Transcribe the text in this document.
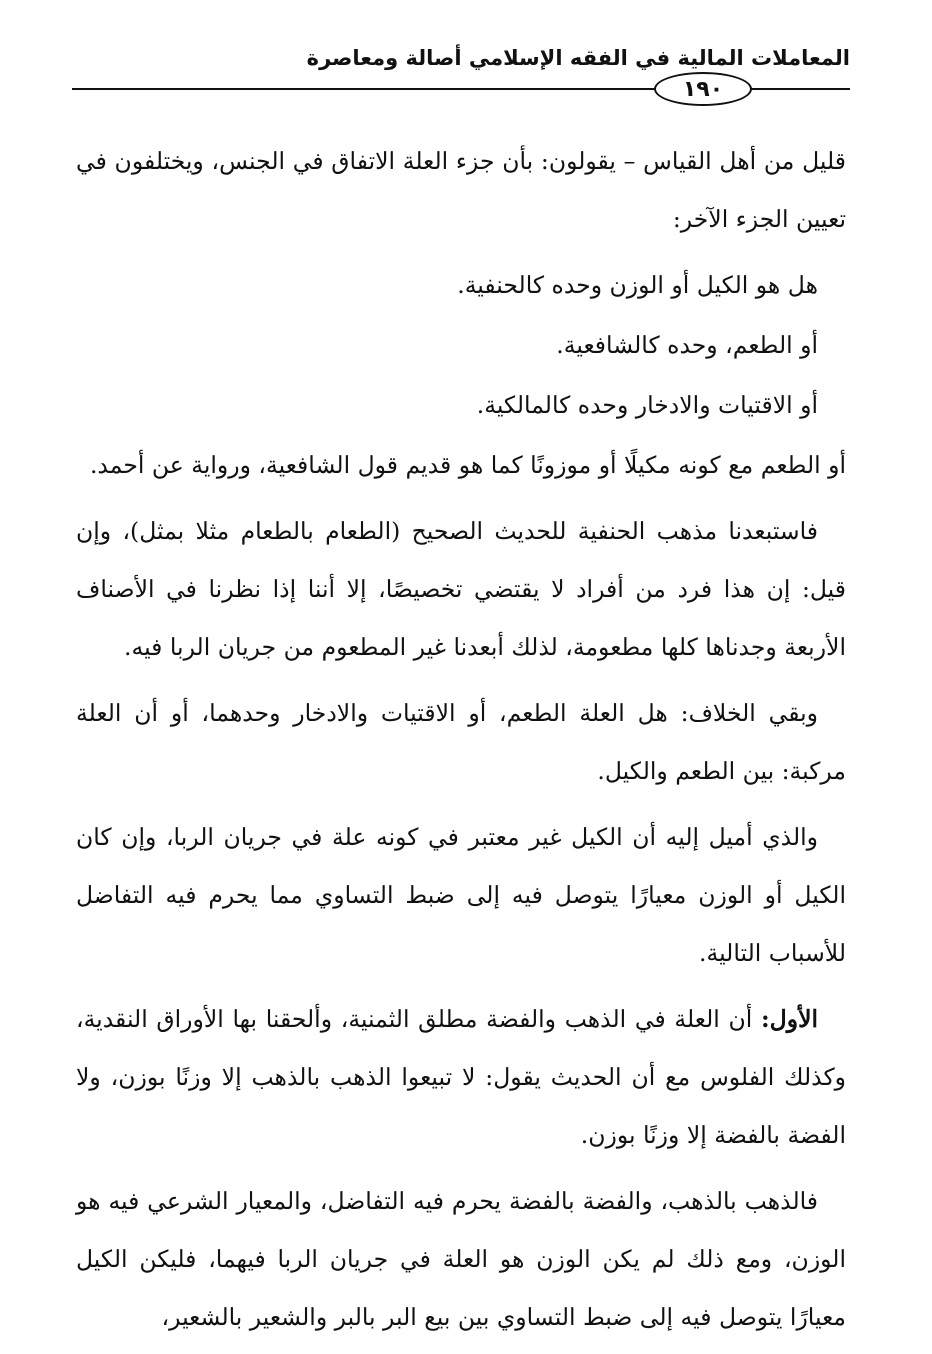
المعاملات المالية في الفقه الإسلامي أصالة ومعاصرة
١٩٠

قليل من أهل القياس – يقولون: بأن جزء العلة الاتفاق في الجنس، ويختلفون في تعيين الجزء الآخر:

هل هو الكيل أو الوزن وحده كالحنفية.

أو الطعم، وحده كالشافعية.

أو الاقتيات والادخار وحده كالمالكية.

أو الطعم مع كونه مكيلًا أو موزونًا كما هو قديم قول الشافعية، ورواية عن أحمد.

فاستبعدنا مذهب الحنفية للحديث الصحيح (الطعام بالطعام مثلا بمثل)، وإن قيل: إن هذا فرد من أفراد لا يقتضي تخصيصًا، إلا أننا إذا نظرنا في الأصناف الأربعة وجدناها كلها مطعومة، لذلك أبعدنا غير المطعوم من جريان الربا فيه.

وبقي الخلاف: هل العلة الطعم، أو الاقتيات والادخار وحدهما، أو أن العلة مركبة: بين الطعم والكيل.

والذي أميل إليه أن الكيل غير معتبر في كونه علة في جريان الربا، وإن كان الكيل أو الوزن معيارًا يتوصل فيه إلى ضبط التساوي مما يحرم فيه التفاضل للأسباب التالية.

الأول: أن العلة في الذهب والفضة مطلق الثمنية، وألحقنا بها الأوراق النقدية، وكذلك الفلوس مع أن الحديث يقول: لا تبيعوا الذهب بالذهب إلا وزنًا بوزن، ولا الفضة بالفضة إلا وزنًا بوزن.

فالذهب بالذهب، والفضة بالفضة يحرم فيه التفاضل، والمعيار الشرعي فيه هو الوزن، ومع ذلك لم يكن الوزن هو العلة في جريان الربا فيهما، فليكن الكيل معيارًا يتوصل فيه إلى ضبط التساوي بين بيع البر بالبر والشعير بالشعير،
